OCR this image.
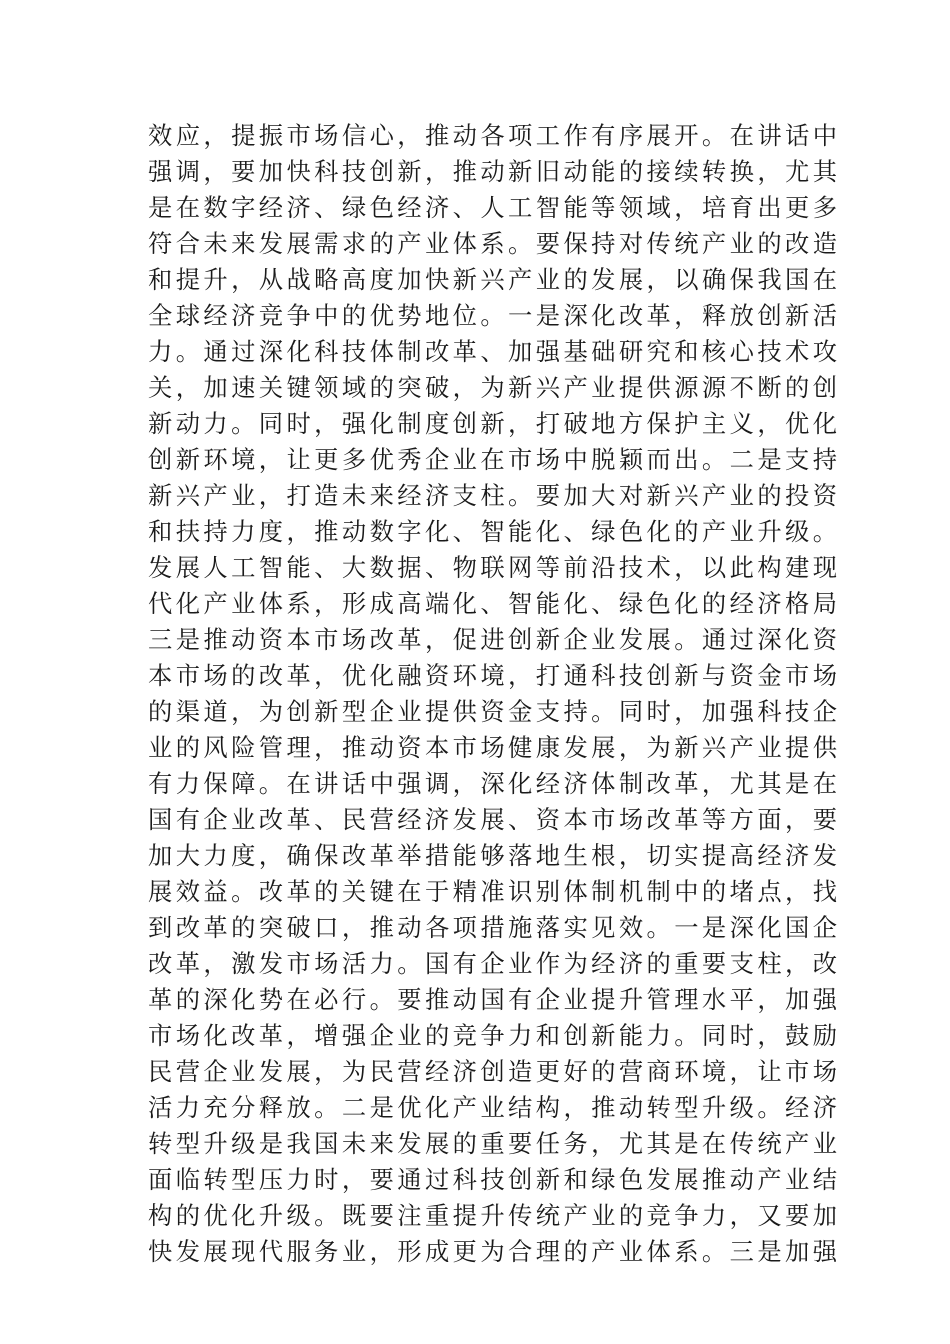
效应，提振市场信心，推动各项工作有序展开。在讲话中
强调，要加快科技创新，推动新旧动能的接续转换，尤其
是在数字经济、绿色经济、人工智能等领域，培育出更多
符合未来发展需求的产业体系。要保持对传统产业的改造
和提升，从战略高度加快新兴产业的发展，以确保我国在
全球经济竞争中的优势地位。一是深化改革，释放创新活
力。通过深化科技体制改革、加强基础研究和核心技术攻
关，加速关键领域的突破，为新兴产业提供源源不断的创
新动力。同时，强化制度创新，打破地方保护主义，优化
创新环境，让更多优秀企业在市场中脱颖而出。二是支持
新兴产业，打造未来经济支柱。要加大对新兴产业的投资
和扶持力度，推动数字化、智能化、绿色化的产业升级。
发展人工智能、大数据、物联网等前沿技术，以此构建现
代化产业体系，形成高端化、智能化、绿色化的经济格局
三是推动资本市场改革，促进创新企业发展。通过深化资
本市场的改革，优化融资环境，打通科技创新与资金市场
的渠道，为创新型企业提供资金支持。同时，加强科技企
业的风险管理，推动资本市场健康发展，为新兴产业提供
有力保障。在讲话中强调，深化经济体制改革，尤其是在
国有企业改革、民营经济发展、资本市场改革等方面，要
加大力度，确保改革举措能够落地生根，切实提高经济发
展效益。改革的关键在于精准识别体制机制中的堵点，找
到改革的突破口，推动各项措施落实见效。一是深化国企
改革，激发市场活力。国有企业作为经济的重要支柱，改
革的深化势在必行。要推动国有企业提升管理水平，加强
市场化改革，增强企业的竞争力和创新能力。同时，鼓励
民营企业发展，为民营经济创造更好的营商环境，让市场
活力充分释放。二是优化产业结构，推动转型升级。经济
转型升级是我国未来发展的重要任务，尤其是在传统产业
面临转型压力时，要通过科技创新和绿色发展推动产业结
构的优化升级。既要注重提升传统产业的竞争力，又要加
快发展现代服务业，形成更为合理的产业体系。三是加强
